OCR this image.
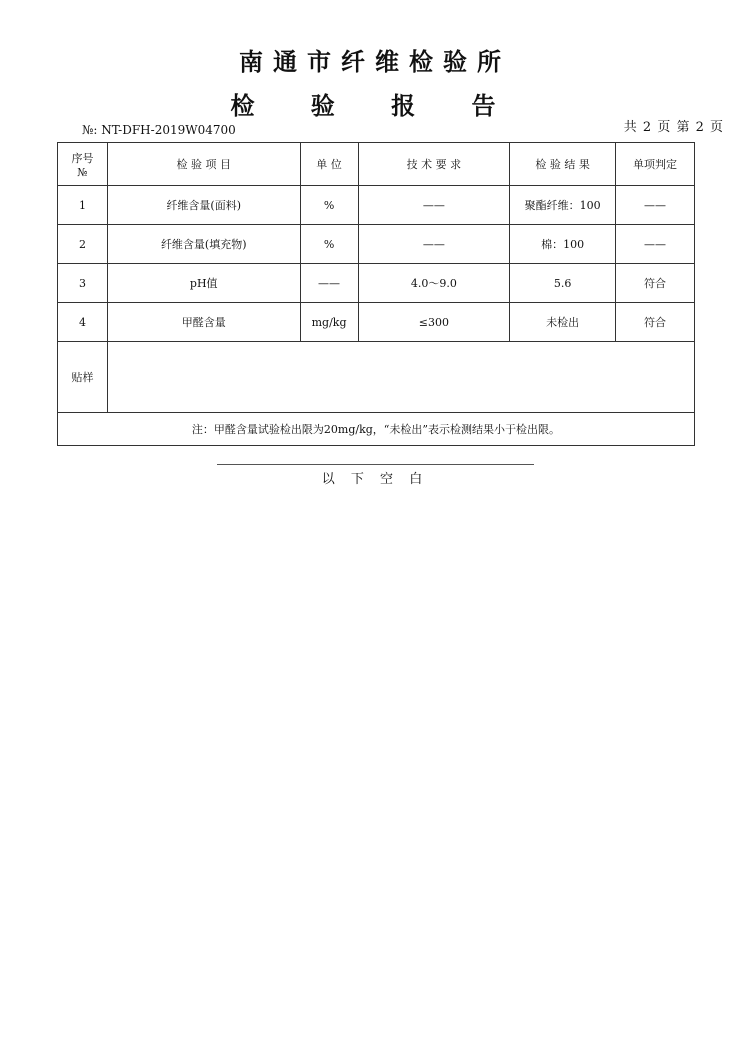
南通市纤维检验所
检 验 报 告
№: NT-DFH-2019W04700	共 2 页 第 2 页
序号
№	检 验 项 目	单 位	技 术 要 求	检 验 结 果	单项判定
1	纤维含量(面料)	%	——	聚酯纤维：100	——
2	纤维含量(填充物)	%	——	棉：100	——
3	pH值	——	4.0～9.0	5.6	符合
4	甲醛含量	mg/kg	≤300	未检出	符合
贴样					
注：甲醛含量试验检出限为20mg/kg，“未检出”表示检测结果小于检出限。					
以 下 空 白
